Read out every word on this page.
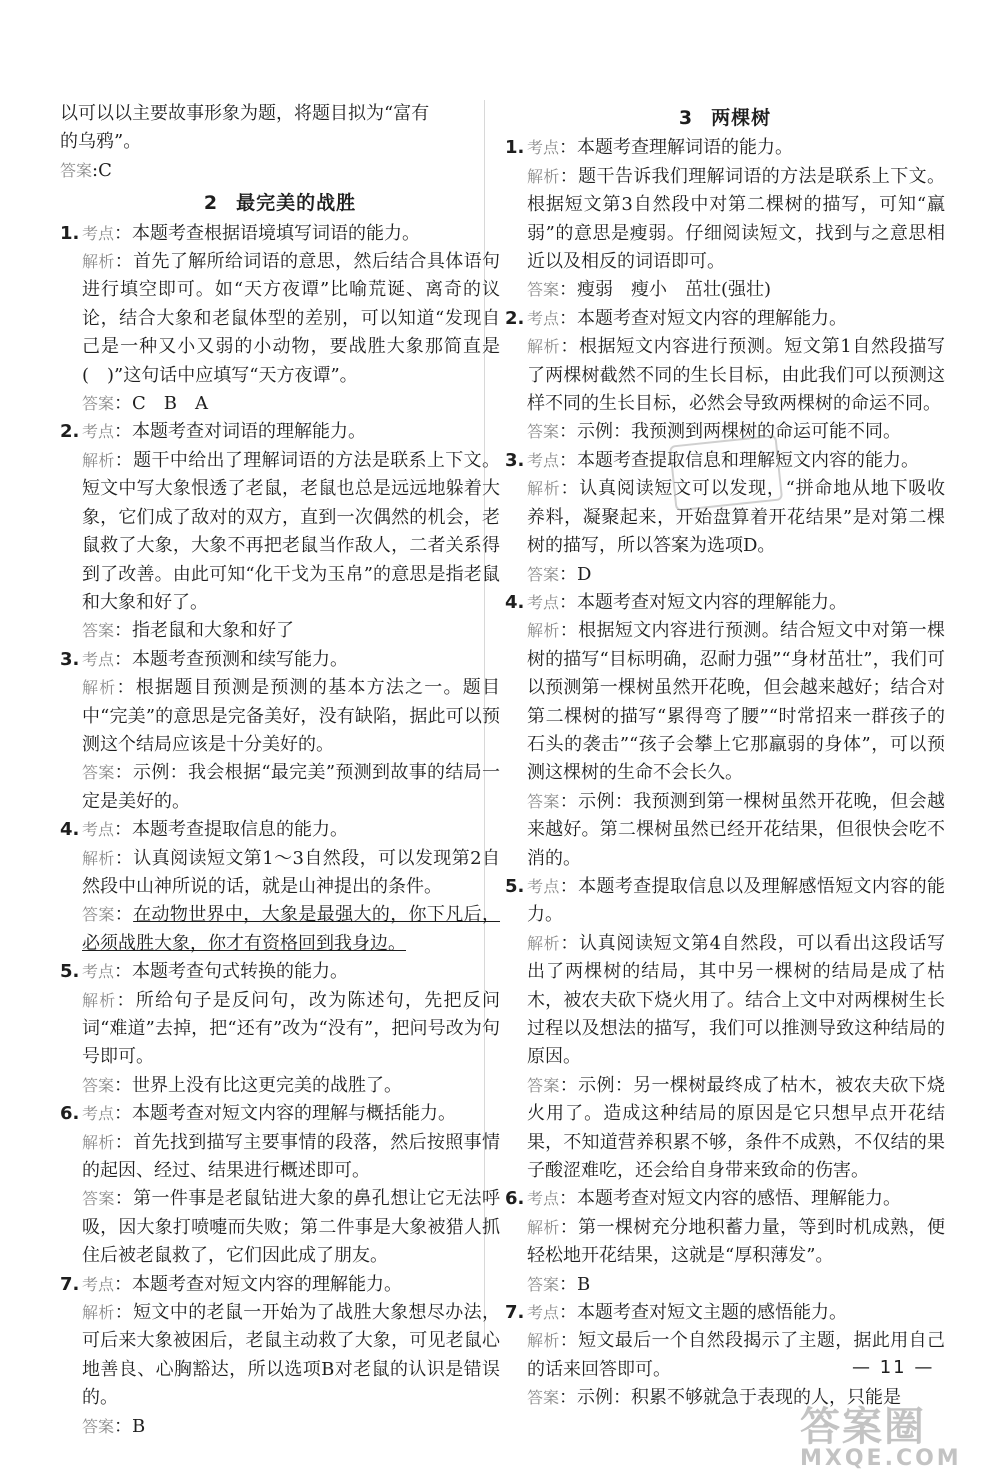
以可以以主要故事形象为题，将题目拟为“富有

的乌鸦”。

答案:C

2 最完美的战胜
1. 考点：本题考查根据语境填写词语的能力。

解析：首先了解所给词语的意思，然后结合具体语句进行填空即可。如“天方夜谭”比喻荒诞、离奇的议论，结合大象和老鼠体型的差别，可以知道“发现自己是一种又小又弱的小动物，要战胜大象那简直是(　)”这句话中应填写“天方夜谭”。

答案：C　B　A

2. 考点：本题考查对词语的理解能力。

解析：题干中给出了理解词语的方法是联系上下文。短文中写大象恨透了老鼠，老鼠也总是远远地躲着大象，它们成了敌对的双方，直到一次偶然的机会，老鼠救了大象，大象不再把老鼠当作敌人，二者关系得到了改善。由此可知“化干戈为玉帛”的意思是指老鼠和大象和好了。

答案：指老鼠和大象和好了

3. 考点：本题考查预测和续写能力。

解析：根据题目预测是预测的基本方法之一。题目中“完美”的意思是完备美好，没有缺陷，据此可以预测这个结局应该是十分美好的。

答案：示例：我会根据“最完美”预测到故事的结局一定是美好的。

4. 考点：本题考查提取信息的能力。

解析：认真阅读短文第1～3自然段，可以发现第2自然段中山神所说的话，就是山神提出的条件。

答案：在动物世界中，大象是最强大的，你下凡后，必须战胜大象，你才有资格回到我身边。

5. 考点：本题考查句式转换的能力。

解析：所给句子是反问句，改为陈述句，先把反问词“难道”去掉，把“还有”改为“没有”，把问号改为句号即可。

答案：世界上没有比这更完美的战胜了。

6. 考点：本题考查对短文内容的理解与概括能力。

解析：首先找到描写主要事情的段落，然后按照事情的起因、经过、结果进行概述即可。

答案：第一件事是老鼠钻进大象的鼻孔想让它无法呼吸，因大象打喷嚏而失败；第二件事是大象被猎人抓住后被老鼠救了，它们因此成了朋友。

7. 考点：本题考查对短文内容的理解能力。

解析：短文中的老鼠一开始为了战胜大象想尽办法，可后来大象被困后，老鼠主动救了大象，可见老鼠心地善良、心胸豁达，所以选项B对老鼠的认识是错误的。

答案：B

3 两棵树
1. 考点：本题考查理解词语的能力。

解析：题干告诉我们理解词语的方法是联系上下文。根据短文第3自然段中对第二棵树的描写，可知“羸弱”的意思是瘦弱。仔细阅读短文，找到与之意思相近以及相反的词语即可。

答案：瘦弱　瘦小　茁壮(强壮)

2. 考点：本题考查对短文内容的理解能力。

解析：根据短文内容进行预测。短文第1自然段描写了两棵树截然不同的生长目标，由此我们可以预测这样不同的生长目标，必然会导致两棵树的命运不同。

答案：示例：我预测到两棵树的命运可能不同。

3. 考点：本题考查提取信息和理解短文内容的能力。

解析：认真阅读短文可以发现，“拼命地从地下吸收养料，凝聚起来，开始盘算着开花结果”是对第二棵树的描写，所以答案为选项D。

答案：D

4. 考点：本题考查对短文内容的理解能力。

解析：根据短文内容进行预测。结合短文中对第一棵树的描写“目标明确，忍耐力强”“身材茁壮”，我们可以预测第一棵树虽然开花晚，但会越来越好；结合对第二棵树的描写“累得弯了腰”“时常招来一群孩子的石头的袭击”“孩子会攀上它那羸弱的身体”，可以预测这棵树的生命不会长久。

答案：示例：我预测到第一棵树虽然开花晚，但会越来越好。第二棵树虽然已经开花结果，但很快会吃不消的。

5. 考点：本题考查提取信息以及理解感悟短文内容的能力。

解析：认真阅读短文第4自然段，可以看出这段话写出了两棵树的结局，其中另一棵树的结局是成了枯木，被农夫砍下烧火用了。结合上文中对两棵树生长过程以及想法的描写，我们可以推测导致这种结局的原因。

答案：示例：另一棵树最终成了枯木，被农夫砍下烧火用了。造成这种结局的原因是它只想早点开花结果，不知道营养积累不够，条件不成熟，不仅结的果子酸涩难吃，还会给自身带来致命的伤害。

6. 考点：本题考查对短文内容的感悟、理解能力。

解析：第一棵树充分地积蓄力量，等到时机成熟，便轻松地开花结果，这就是“厚积薄发”。

答案：B

7. 考点：本题考查对短文主题的感悟能力。

解析：短文最后一个自然段揭示了主题，据此用自己的话来回答即可。

答案：示例：积累不够就急于表现的人，只能是

— 11 —
答案圈
MXQE.COM
